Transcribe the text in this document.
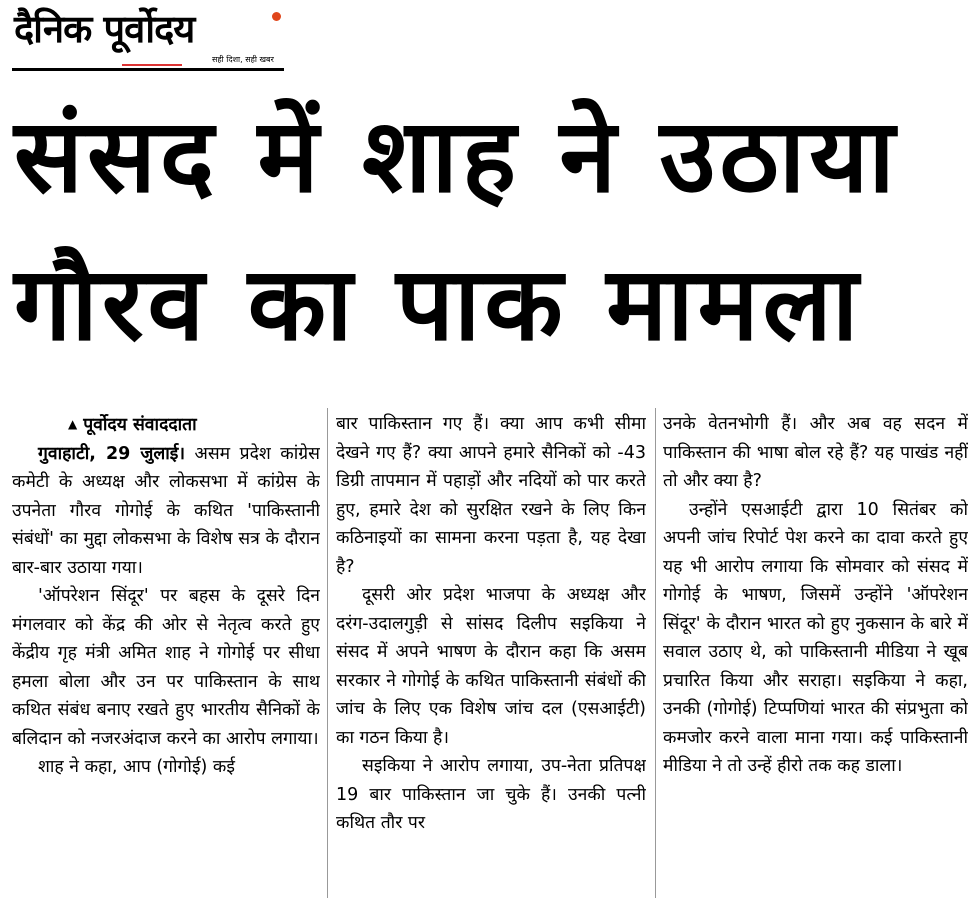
दैनिक पूर्वोदय
सही दिशा, सही खबर
संसद में शाह ने उठाया
गौरव का पाक मामला
▲ पूर्वोदय संवाददाता

गुवाहाटी, 29 जुलाई। असम प्रदेश कांग्रेस कमेटी के अध्यक्ष और लोकसभा में कांग्रेस के उपनेता गौरव गोगोई के कथित 'पाकिस्तानी संबंधों' का मुद्दा लोकसभा के विशेष सत्र के दौरान बार-बार उठाया गया।

'ऑपरेशन सिंदूर' पर बहस के दूसरे दिन मंगलवार को केंद्र की ओर से नेतृत्व करते हुए केंद्रीय गृह मंत्री अमित शाह ने गोगोई पर सीधा हमला बोला और उन पर पाकिस्तान के साथ कथित संबंध बनाए रखते हुए भारतीय सैनिकों के बलिदान को नजरअंदाज करने का आरोप लगाया।

शाह ने कहा, आप (गोगोई) कई

बार पाकिस्तान गए हैं। क्या आप कभी सीमा देखने गए हैं? क्या आपने हमारे सैनिकों को -43 डिग्री तापमान में पहाड़ों और नदियों को पार करते हुए, हमारे देश को सुरक्षित रखने के लिए किन कठिनाइयों का सामना करना पड़ता है, यह देखा है?

दूसरी ओर प्रदेश भाजपा के अध्यक्ष और दरंग-उदालगुड़ी से सांसद दिलीप सइकिया ने संसद में अपने भाषण के दौरान कहा कि असम सरकार ने गोगोई के कथित पाकिस्तानी संबंधों की जांच के लिए एक विशेष जांच दल (एसआईटी) का गठन किया है।

सइकिया ने आरोप लगाया, उप-नेता प्रतिपक्ष 19 बार पाकिस्तान जा चुके हैं। उनकी पत्नी कथित तौर पर

उनके वेतनभोगी हैं। और अब वह सदन में पाकिस्तान की भाषा बोल रहे हैं? यह पाखंड नहीं तो और क्या है?

उन्होंने एसआईटी द्वारा 10 सितंबर को अपनी जांच रिपोर्ट पेश करने का दावा करते हुए यह भी आरोप लगाया कि सोमवार को संसद में गोगोई के भाषण, जिसमें उन्होंने 'ऑपरेशन सिंदूर' के दौरान भारत को हुए नुकसान के बारे में सवाल उठाए थे, को पाकिस्तानी मीडिया ने खूब प्रचारित किया और सराहा। सइकिया ने कहा, उनकी (गोगोई) टिप्पणियां भारत की संप्रभुता को कमजोर करने वाला माना गया। कई पाकिस्तानी मीडिया ने तो उन्हें हीरो तक कह डाला।
